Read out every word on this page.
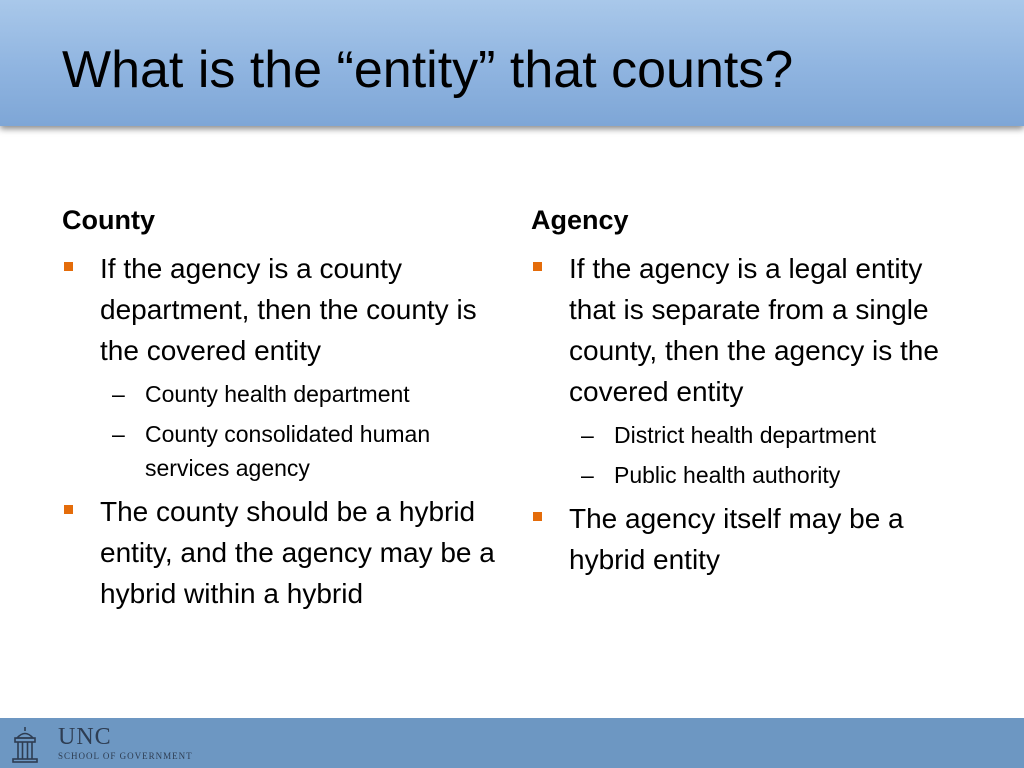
What is the “entity” that counts?
County
If the agency is a county department, then the county is the covered entity
– County health department
– County consolidated human services agency
The county should be a hybrid entity, and the agency may be a hybrid within a hybrid
Agency
If the agency is a legal entity that is separate from a single county, then the agency is the covered entity
– District health department
– Public health authority
The agency itself may be a hybrid entity
UNC
SCHOOL OF GOVERNMENT
